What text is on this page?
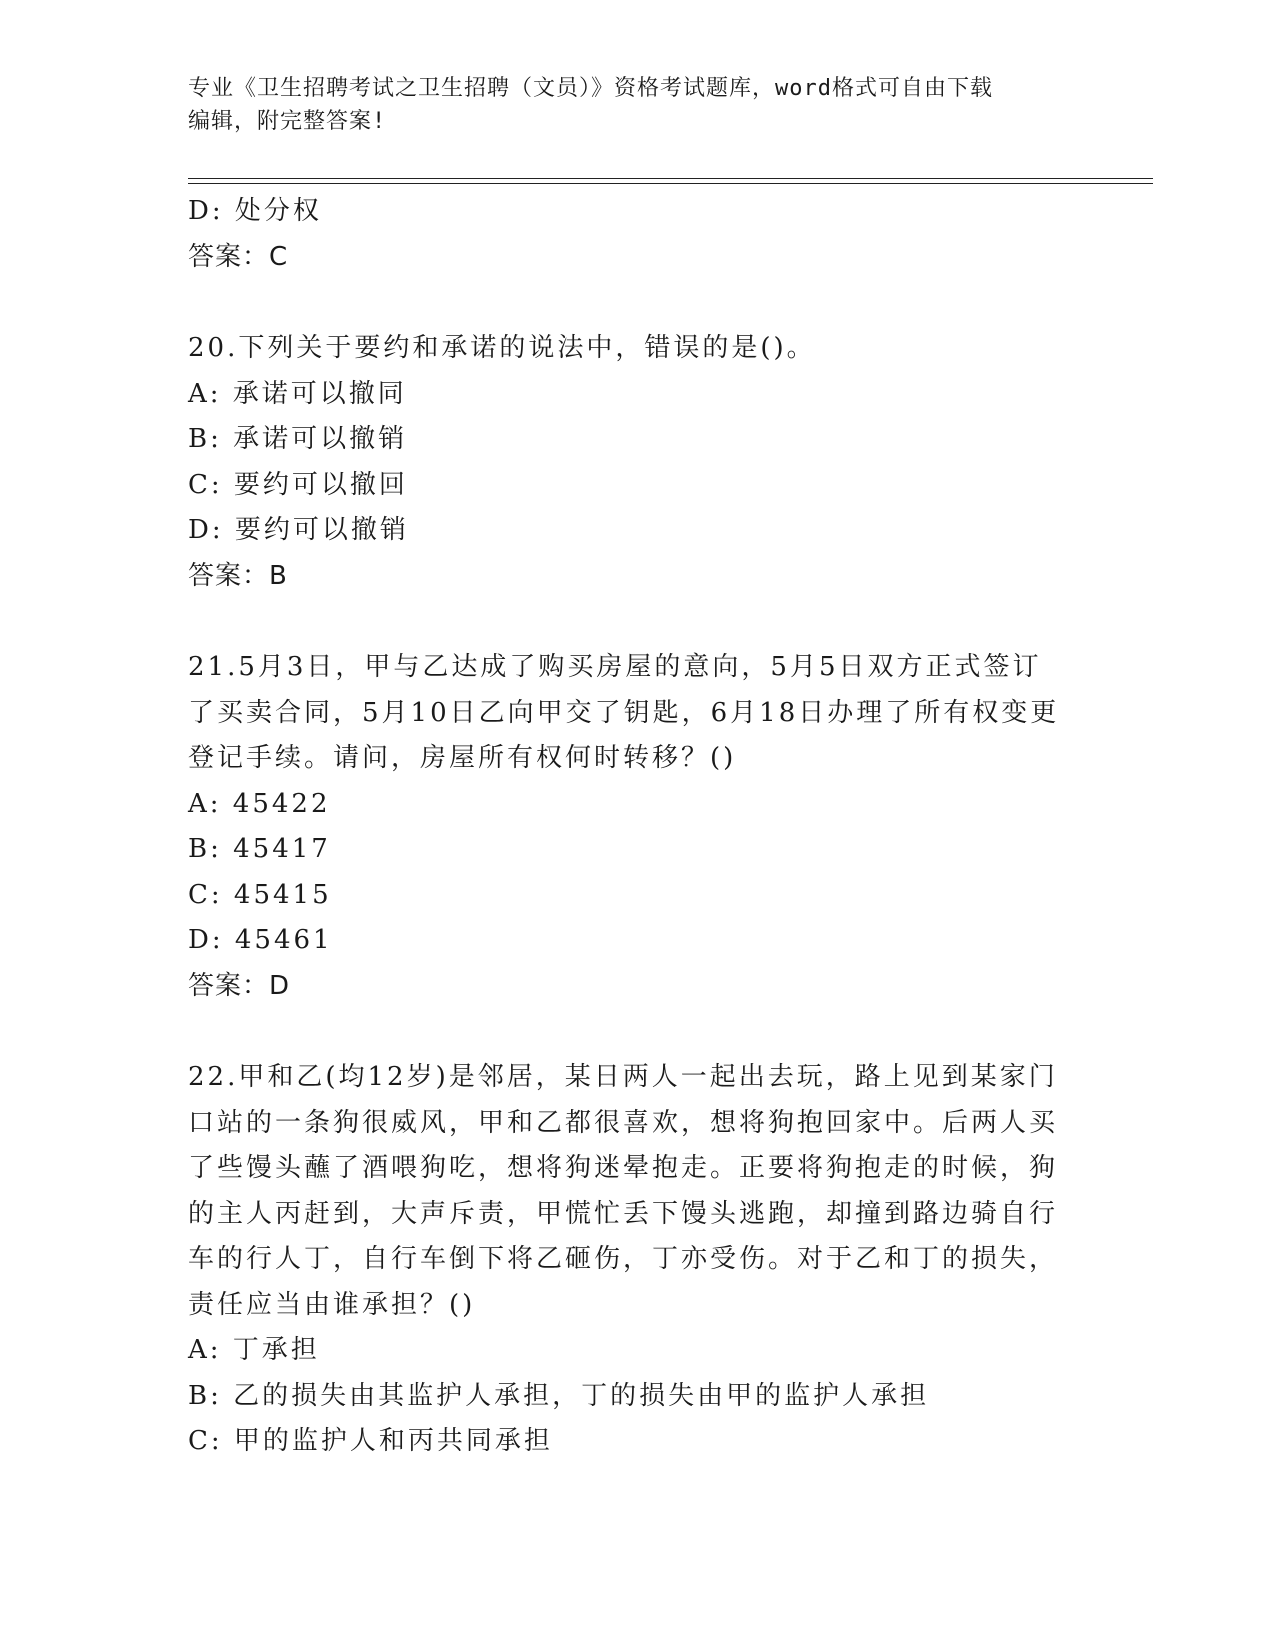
专业《卫生招聘考试之卫生招聘（文员）》资格考试题库，word格式可自由下载
编辑，附完整答案!
D: 处分权
答案：C
20.下列关于要约和承诺的说法中，错误的是()。
A: 承诺可以撤同
B: 承诺可以撤销
C: 要约可以撤回
D: 要约可以撤销
答案：B
21.5月3日，甲与乙达成了购买房屋的意向，5月5日双方正式签订
了买卖合同，5月10日乙向甲交了钥匙，6月18日办理了所有权变更
登记手续。请问，房屋所有权何时转移？()
A: 45422
B: 45417
C: 45415
D: 45461
答案：D
22.甲和乙(均12岁)是邻居，某日两人一起出去玩，路上见到某家门
口站的一条狗很威风，甲和乙都很喜欢，想将狗抱回家中。后两人买
了些馒头蘸了酒喂狗吃，想将狗迷晕抱走。正要将狗抱走的时候，狗
的主人丙赶到，大声斥责，甲慌忙丢下馒头逃跑，却撞到路边骑自行
车的行人丁，自行车倒下将乙砸伤，丁亦受伤。对于乙和丁的损失，
责任应当由谁承担？()
A: 丁承担
B: 乙的损失由其监护人承担，丁的损失由甲的监护人承担
C: 甲的监护人和丙共同承担
